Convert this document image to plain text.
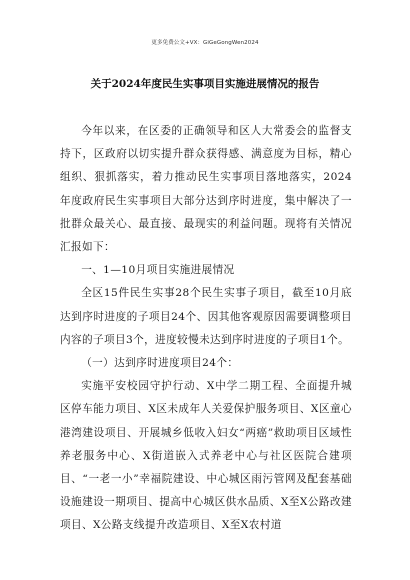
更多免费公文+VX：GiGeGongWen2024
关于2024年度民生实事项目实施进展情况的报告

今年以来，在区委的正确领导和区人大常委会的监督支持下，区政府以切实提升群众获得感、满意度为目标，精心组织、狠抓落实，着力推动民生实事项目落地落实，2024年度政府民生实事项目大部分达到序时进度，集中解决了一批群众最关心、最直接、最现实的利益问题。现将有关情况汇报如下：

一、1—10月项目实施进展情况

全区15件民生实事28个民生实事子项目，截至10月底达到序时进度的子项目24个、因其他客观原因需要调整项目内容的子项目3个，进度较慢未达到序时进度的子项目1个。

（一）达到序时进度项目24个：

实施平安校园守护行动、X中学二期工程、全面提升城区停车能力项目、X区未成年人关爱保护服务项目、X区童心港湾建设项目、开展城乡低收入妇女“两癌”救助项目区域性养老服务中心、X街道嵌入式养老中心与社区医院合建项目、“一老一小”幸福院建设、中心城区雨污管网及配套基础设施建设一期项目、提高中心城区供水品质、X至X公路改建项目、X公路支线提升改造项目、X至X农村道
